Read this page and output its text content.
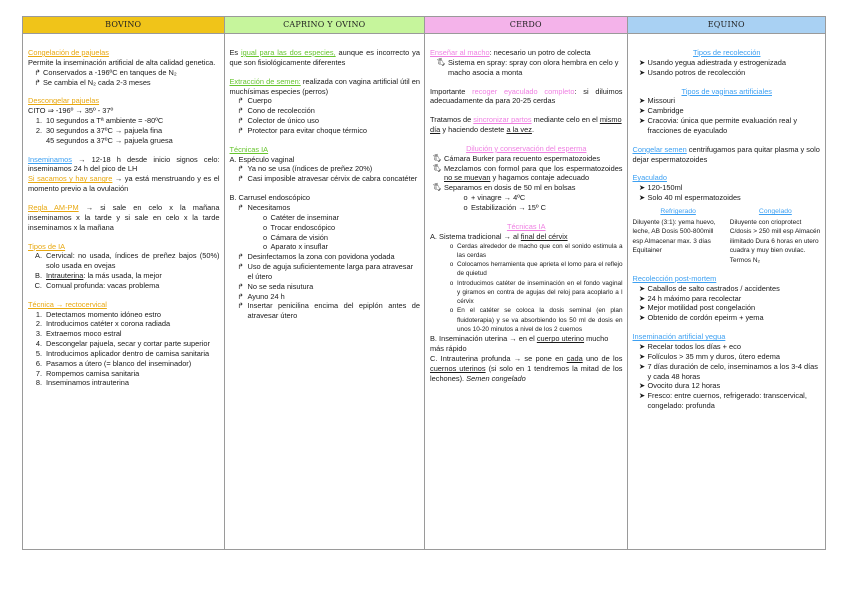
BOVINO
Congelación de pajuelas
Permite la inseminación artificial de alta calidad genetica.
↱ Conservados a -196ºC en tanques de N₂
↱ Se cambia el N₂ cada 2-3 meses
Descongelar pajuelas
CITO ⇒ -196º → 35º - 37º
1. 10 segundos a Tª ambiente = -80ºC
2. 30 segundos a 37ºC → pajuela fina
45 segundos a 37ºC → pajuela gruesa
Inseminamos → 12-18 h desde inicio signos celo: inseminamos 24 h del pico de LH
Si sacamos y hay sangre → ya está menstruando y es el momento previo a la ovulación
Regla AM-PM → si sale en celo x la mañana inseminamos x la tarde y si sale en celo x la tarde inseminamos x la mañana
Tipos de IA
A. Cervical: no usada, índices de preñez bajos (50%) solo usada en ovejas
B. Intrauterina: la más usada, la mejor
C. Cornual profunda: vacas problema
Técnica → rectocervical
1. Detectamos momento idóneo estro
2. Introducimos catéter x corona radiada
3. Extraemos moco estral
4. Descongelar pajuela, secar y cortar parte superior
5. Introducimos aplicador dentro de camisa sanitaria
6. Pasamos a útero (= blanco del inseminador)
7. Rompemos camisa sanitaria
8. Inseminamos intrauterina
CAPRINO Y OVINO
Es igual para las dos especies, aunque es incorrecto ya que son fisiológicamente diferentes
Extracción de semen: realizada con vagina artificial útil en muchísimas especies (perros)
↱ Cuerpo
↱ Cono de recolección
↱ Colector de único uso
↱ Protector para evitar choque térmico
Técnicas IA
A. Espéculo vaginal
↱ Ya no se usa (índices de preñez 20%)
↱ Casi imposible atravesar cérvix de cabra concatéter
B. Carrusel endoscópico
↱ Necesitamos
o Catéter de inseminar
o Trocar endoscópico
o Cámara de visión
o Aparato x insuflar
↱ Desinfectamos la zona con povidona yodada
↱ Uso de aguja suficientemente larga para atravesar el útero
↱ No se seda nisutura
↱ Ayuno 24 h
↱ Insertar penicilina encima del epiplón antes de atravesar útero
CERDO
Enseñar al macho: necesario un potro de colecta
🖏 Sistema en spray: spray con olora hembra en celo y macho asocia a monta
Importante recoger eyaculado completo: si diluimos adecuadamente da para 20-25 cerdas
Tratamos de sincronizar partos mediante celo en el mismo día y haciendo destete a la vez.
Dilución y conservación del esperma
🖏 Cámara Burker para recuento espermatozoides
🖏 Mezclamos con formol para que los espermatozoides no se muevan y hagamos contaje adecuado
🖏 Separamos en dosis de 50 ml en bolsas
o + vinagre → 4ºC
o Estabilización → 15º C
Técnicas IA
A. Sistema tradicional → al final del cérvix
o Cerdas alrededor de macho que con el sonido estimula a las cerdas
o Colocamos herramienta que aprieta el lomo para el reflejo de quietud
o Introducimos catéter de inseminación en el fondo vaginal y giramos en contra de agujas del reloj para acoplarlo a l cérvix
o En el catéter se coloca la dosis seminal (en plan fluidoterapia) y se va absorbiendo los 50 ml de dosis en unos 10-20 minutos a nivel de los 2 cuernos
B. Inseminación uterina → en el cuerpo uterino mucho más rápido
C. Intrauterina profunda → se pone en cada uno de los cuernos uterinos (si solo en 1 tendremos la mitad de los lechones). Semen congelado
EQUINO
Tipos de recolección
➤ Usando yegua adiestrada y estrogenizada
➤ Usando potros de recolección
Tipos de vaginas artificiales
➤ Missouri
➤ Cambridge
➤ Cracovia: única que permite evaluación real y fracciones de eyaculado
Congelar semen centrifugamos para quitar plasma y solo dejar espermatozoides
Eyaculado
➤ 120-150ml
➤ Solo 40 ml espermatozoides
Refrigerado
Diluyente (3:1): yema huevo, leche, AB Dosis 500-800mill esp Almacenar max. 3 días Equitainer
Congelado
Diluyente con crioprotect C/dosis > 250 mill esp Almacén ilimitado Dura 6 horas en utero cuadra y muy bien ovulac. Termos N₂
Recolección post-mortem
➤ Caballos de salto castrados / accidentes
➤ 24 h máximo para recolectar
➤ Mejor motilidad post congelación
➤ Obtenido de cordón epeirm + yema
Inseminación artificial yegua
➤ Recelar todos los días + eco
➤ Folículos > 35 mm y duros, útero edema
➤ 7 días duración de celo, inseminamos a los 3-4 días y cada 48 horas
➤ Ovocito dura 12 horas
➤ Fresco: entre cuernos, refrigerado: transcervical, congelado: profunda
